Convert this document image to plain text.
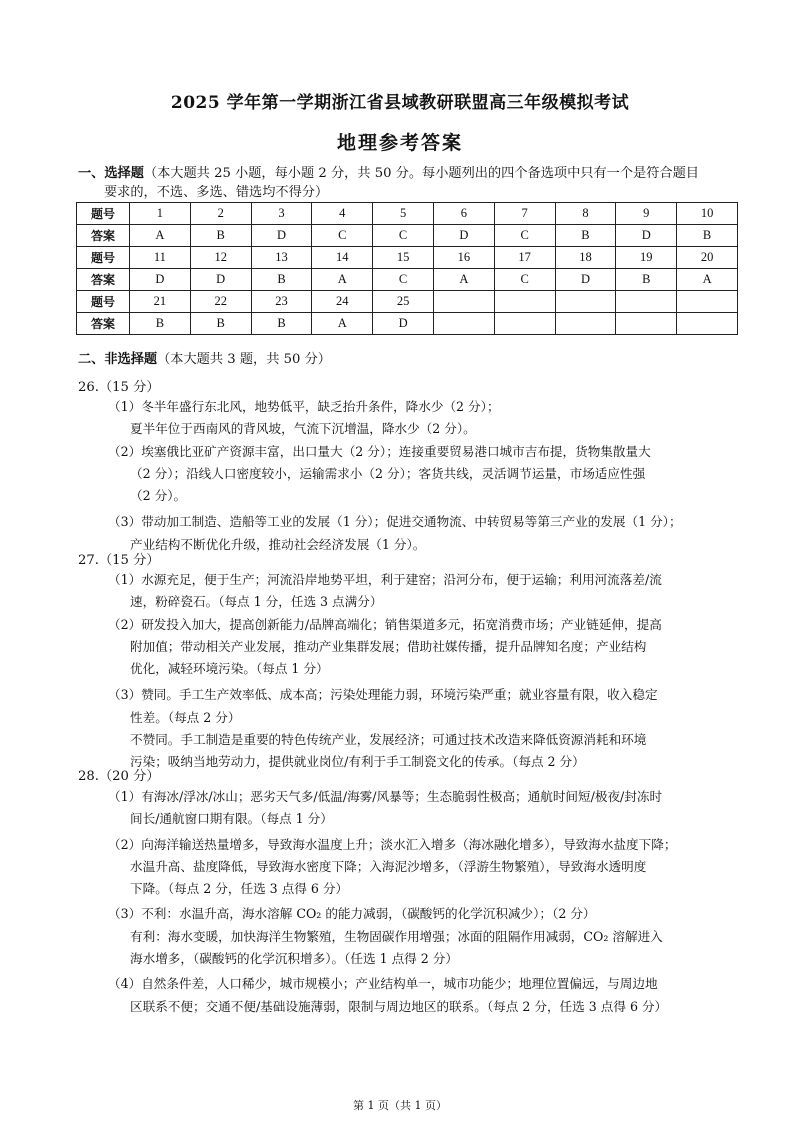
2025 学年第一学期浙江省县域教研联盟高三年级模拟考试
地理参考答案
一、选择题（本大题共 25 小题，每小题 2 分，共 50 分。每小题列出的四个备选项中只有一个是符合题目
要求的，不选、多选、错选均不得分）
题号	1	2	3	4	5	6	7	8	9	10
答案	A	B	D	C	C	D	C	B	D	B
题号	11	12	13	14	15	16	17	18	19	20
答案	D	D	B	A	C	A	C	D	B	A
题号	21	22	23	24	25					
答案	B	B	B	A	D					
二、非选择题（本大题共 3 题，共 50 分）
26.（15 分）

（1）冬半年盛行东北风，地势低平，缺乏抬升条件，降水少（2 分）；

夏半年位于西南风的背风坡，气流下沉增温，降水少（2 分）。

（2）埃塞俄比亚矿产资源丰富，出口量大（2 分）；连接重要贸易港口城市吉布提，货物集散量大

（2 分）；沿线人口密度较小，运输需求小（2 分）；客货共线，灵活调节运量，市场适应性强

（2 分）。

（3）带动加工制造、造船等工业的发展（1 分）；促进交通物流、中转贸易等第三产业的发展（1 分）；

产业结构不断优化升级，推动社会经济发展（1 分）。

27.（15 分）

（1）水源充足，便于生产；河流沿岸地势平坦，利于建窑；沿河分布，便于运输；利用河流落差/流

速，粉碎瓷石。（每点 1 分，任选 3 点满分）

（2）研发投入加大，提高创新能力/品牌高端化；销售渠道多元，拓宽消费市场；产业链延伸，提高

附加值；带动相关产业发展，推动产业集群发展；借助社媒传播，提升品牌知名度；产业结构

优化，减轻环境污染。（每点 1 分）

（3）赞同。手工生产效率低、成本高；污染处理能力弱，环境污染严重；就业容量有限，收入稳定

性差。（每点 2 分）

不赞同。手工制造是重要的特色传统产业，发展经济；可通过技术改造来降低资源消耗和环境

污染；吸纳当地劳动力，提供就业岗位/有利于手工制瓷文化的传承。（每点 2 分）

28.（20 分）

（1）有海冰/浮冰/冰山；恶劣天气多/低温/海雾/风暴等；生态脆弱性极高；通航时间短/极夜/封冻时

间长/通航窗口期有限。（每点 1 分）

（2）向海洋输送热量增多，导致海水温度上升；淡水汇入增多（海冰融化增多），导致海水盐度下降；

水温升高、盐度降低，导致海水密度下降；入海泥沙增多，（浮游生物繁殖），导致海水透明度

下降。（每点 2 分，任选 3 点得 6 分）

（3）不利：水温升高，海水溶解 CO₂ 的能力减弱，（碳酸钙的化学沉积减少）；（2 分）

有利：海水变暖，加快海洋生物繁殖，生物固碳作用增强；冰面的阻隔作用减弱，CO₂ 溶解进入

海水增多，（碳酸钙的化学沉积增多）。（任选 1 点得 2 分）

（4）自然条件差，人口稀少，城市规模小；产业结构单一，城市功能少；地理位置偏远，与周边地

区联系不便；交通不便/基础设施薄弱，限制与周边地区的联系。（每点 2 分，任选 3 点得 6 分）

第 1 页（共 1 页）
